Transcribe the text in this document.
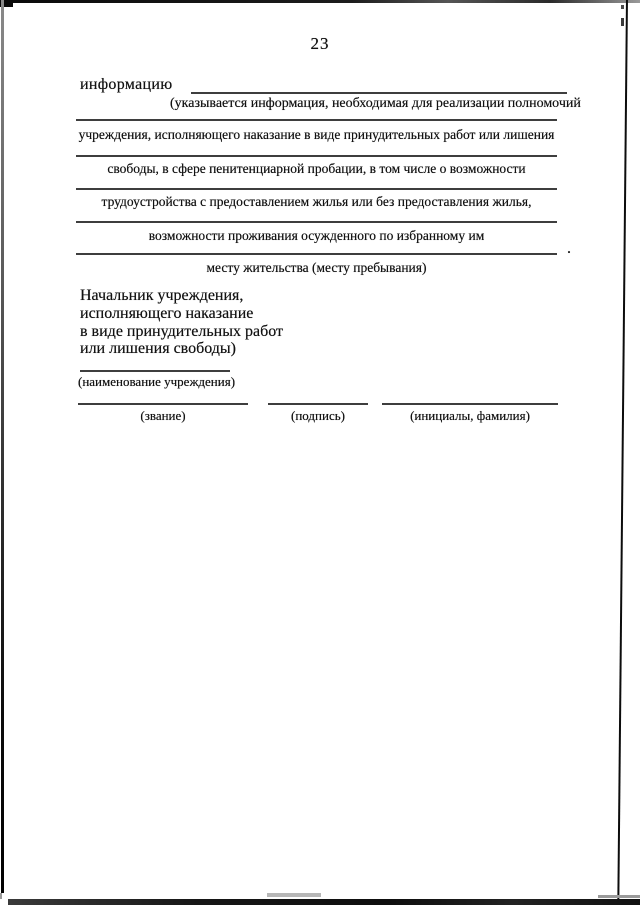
23
информацию
(указывается информация, необходимая для реализации полномочий
учреждения, исполняющего наказание в виде принудительных работ или лишения
свободы, в сфере пенитенциарной пробации, в том числе о возможности
трудоустройства с предоставлением жилья или без предоставления жилья,
возможности проживания осужденного по избранному им
.
месту жительства (месту пребывания)
Начальник учреждения,
исполняющего наказание
в виде принудительных работ
или лишения свободы)
(наименование учреждения)
(звание)	(подпись)	(инициалы, фамилия)
